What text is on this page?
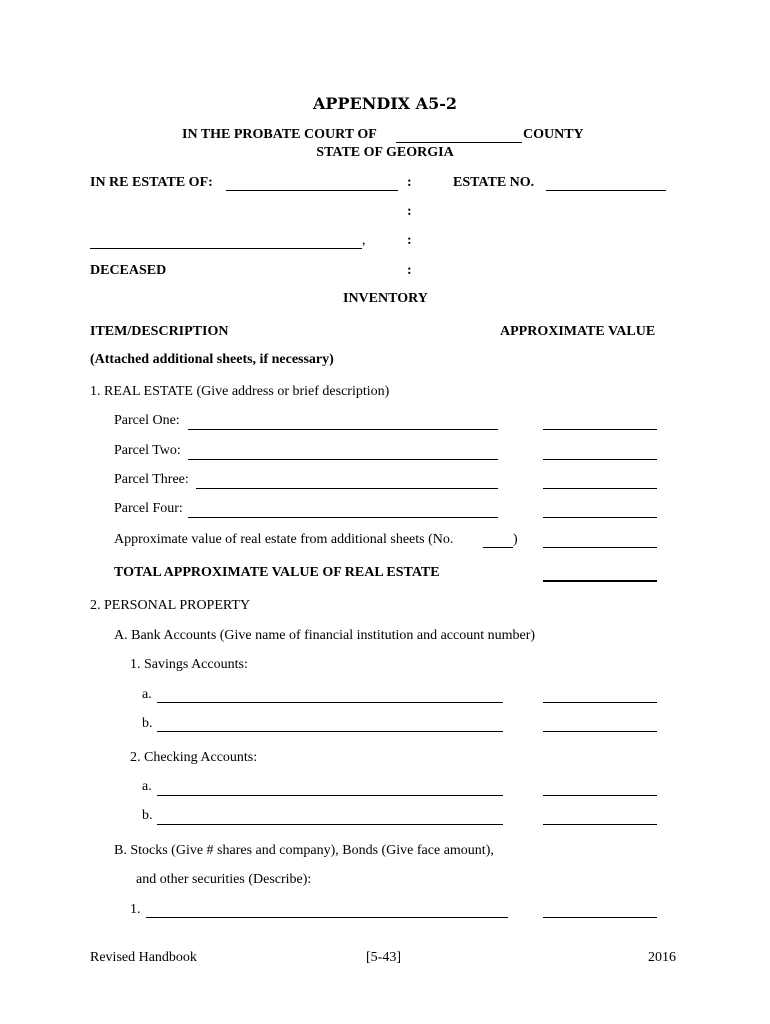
APPENDIX A5-2
IN THE PROBATE COURT OF	COUNTY
STATE OF GEORGIA
IN RE ESTATE OF:	:	ESTATE NO.
:
,	:
DECEASED	:
INVENTORY
ITEM/DESCRIPTION	APPROXIMATE VALUE
(Attached additional sheets, if necessary)
1. REAL ESTATE (Give address or brief description)
Parcel One:
Parcel Two:
Parcel Three:
Parcel Four:
Approximate value of real estate from additional sheets (No.	)
TOTAL APPROXIMATE VALUE OF REAL ESTATE
2. PERSONAL PROPERTY
A. Bank Accounts (Give name of financial institution and account number)
1. Savings Accounts:
a.
b.
2. Checking Accounts:
a.
b.
B. Stocks (Give # shares and company), Bonds (Give face amount),
and other securities (Describe):
1.
Revised Handbook	[5-43]	2016
